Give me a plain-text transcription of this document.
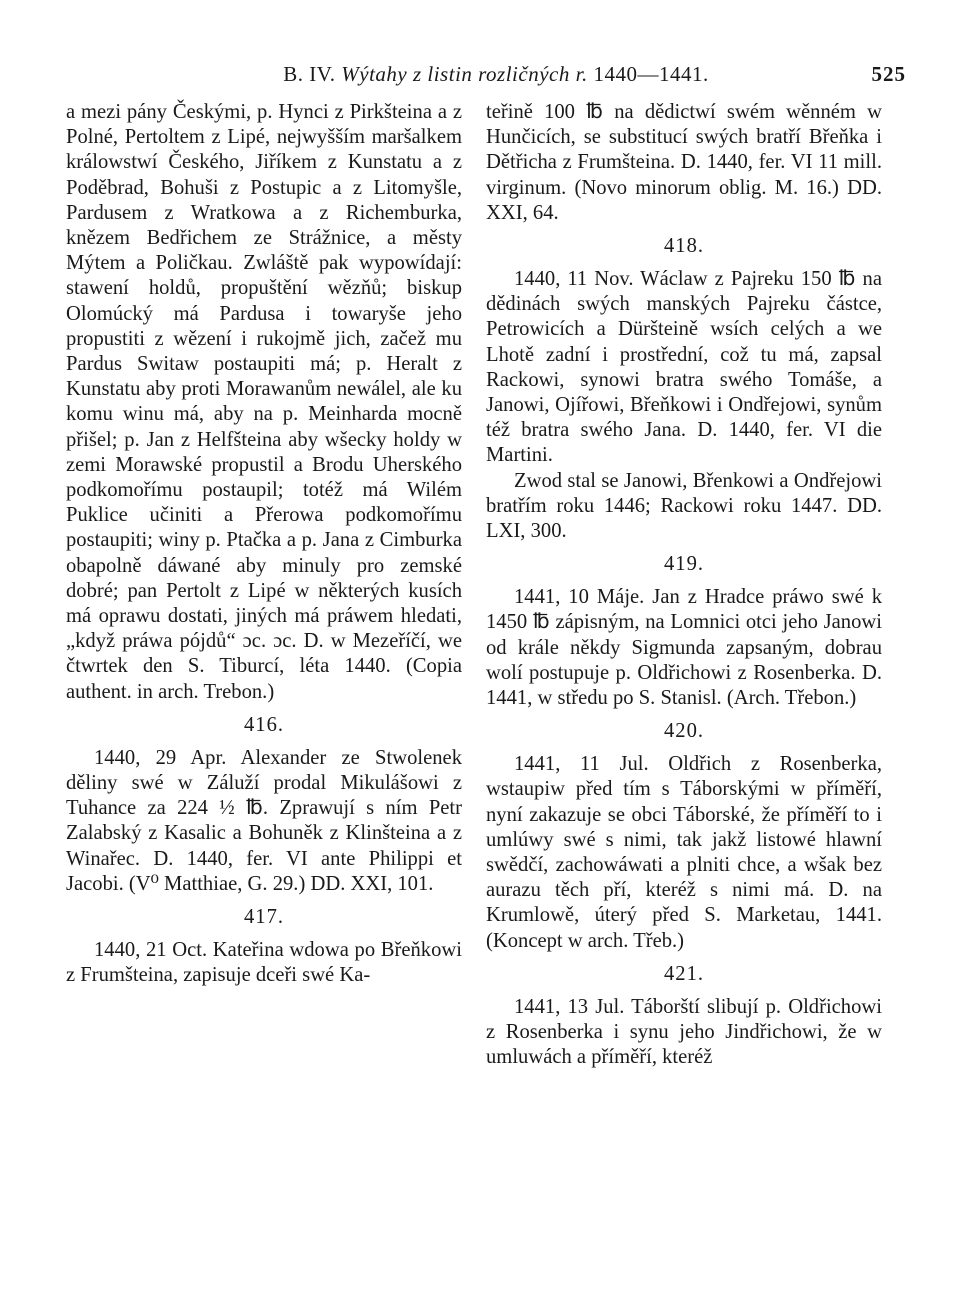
B. IV. Wýtahy z listin rozličných r. 1440—1441.	525

a mezi pány Českými, p. Hynci z Pirkšteina a z Polné, Pertoltem z Lipé, nejwyšším maršalkem králowstwí Českého, Jiříkem z Kunstatu a z Poděbrad, Bohuši z Postupic a z Litomyšle, Pardusem z Wratkowa a z Richemburka, knězem Bedřichem ze Strážnice, a městy Mýtem a Poličkau. Zwláště pak wypowídají: stawení holdů, propuštění wězňů; biskup Olomúcký má Pardusa i towaryše jeho propustiti z wězení i rukojmě jich, začež mu Pardus Switaw postaupiti má; p. Heralt z Kunstatu aby proti Morawanům newálel, ale ku komu winu má, aby na p. Meinharda mocně přišel; p. Jan z Helfšteina aby wšecky holdy w zemi Morawské propustil a Brodu Uherského podkomořímu postaupil; totéž má Wilém Puklice učiniti a Přerowa podkomořímu postaupiti; winy p. Ptačka a p. Jana z Cimburka obapolně dáwané aby minuly pro zemské dobré; pan Pertolt z Lipé w některých kusích má oprawu dostati, jiných má práwem hledati, „když práwa pójdů“ ɔc. ɔc. D. w Mezeříčí, we čtwrtek den S. Tiburcí, léta 1440. (Copia authent. in arch. Trebon.)

416.

1440, 29 Apr. Alexander ze Stwolenek děliny swé w Záluží prodal Mikulášowi z Tuhance za 224 ½ ℔. Zprawují s ním Petr Zalabský z Kasalic a Bohuněk z Klinšteina a z Winařec. D. 1440, fer. VI ante Philippi et Jacobi. (V⁰ Matthiae, G. 29.) DD. XXI, 101.

417.

1440, 21 Oct. Kateřina wdowa po Břeňkowi z Frumšteina, zapisuje dceři swé Ka-

teřině 100 ℔ na dědictwí swém wěnném w Hunčicích, se substitucí swých bratří Břeňka i Dětřicha z Frumšteina. D. 1440, fer. VI 11 mill. virginum. (Novo minorum oblig. M. 16.) DD. XXI, 64.

418.

1440, 11 Nov. Wáclaw z Pajreku 150 ℔ na dědinách swých manských Pajreku částce, Petrowicích a Düršteině wsích celých a we Lhotě zadní i prostřední, což tu má, zapsal Rackowi, synowi bratra swého Tomáše, a Janowi, Ojířowi, Břeňkowi i Ondřejowi, synům též bratra swého Jana. D. 1440, fer. VI die Martini.

Zwod stal se Janowi, Břenkowi a Ondřejowi bratřím roku 1446; Rackowi roku 1447. DD. LXI, 300.

419.

1441, 10 Máje. Jan z Hradce práwo swé k 1450 ℔ zápisným, na Lomnici otci jeho Janowi od krále někdy Sigmunda zapsaným, dobrau wolí postupuje p. Oldřichowi z Rosenberka. D. 1441, w středu po S. Stanisl. (Arch. Třebon.)

420.

1441, 11 Jul. Oldřich z Rosenberka, wstaupiw před tím s Táborskými w příměří, nyní zakazuje se obci Táborské, že příměří to i umlúwy swé s nimi, tak jakž listowé hlawní swědčí, zachowáwati a plniti chce, a wšak bez aurazu těch pří, kteréž s nimi má. D. na Krumlowě, úterý před S. Marketau, 1441. (Koncept w arch. Třeb.)

421.

1441, 13 Jul. Táborští slibují p. Oldřichowi z Rosenberka i synu jeho Jindřichowi, že w umluwách a příměří, kteréž
